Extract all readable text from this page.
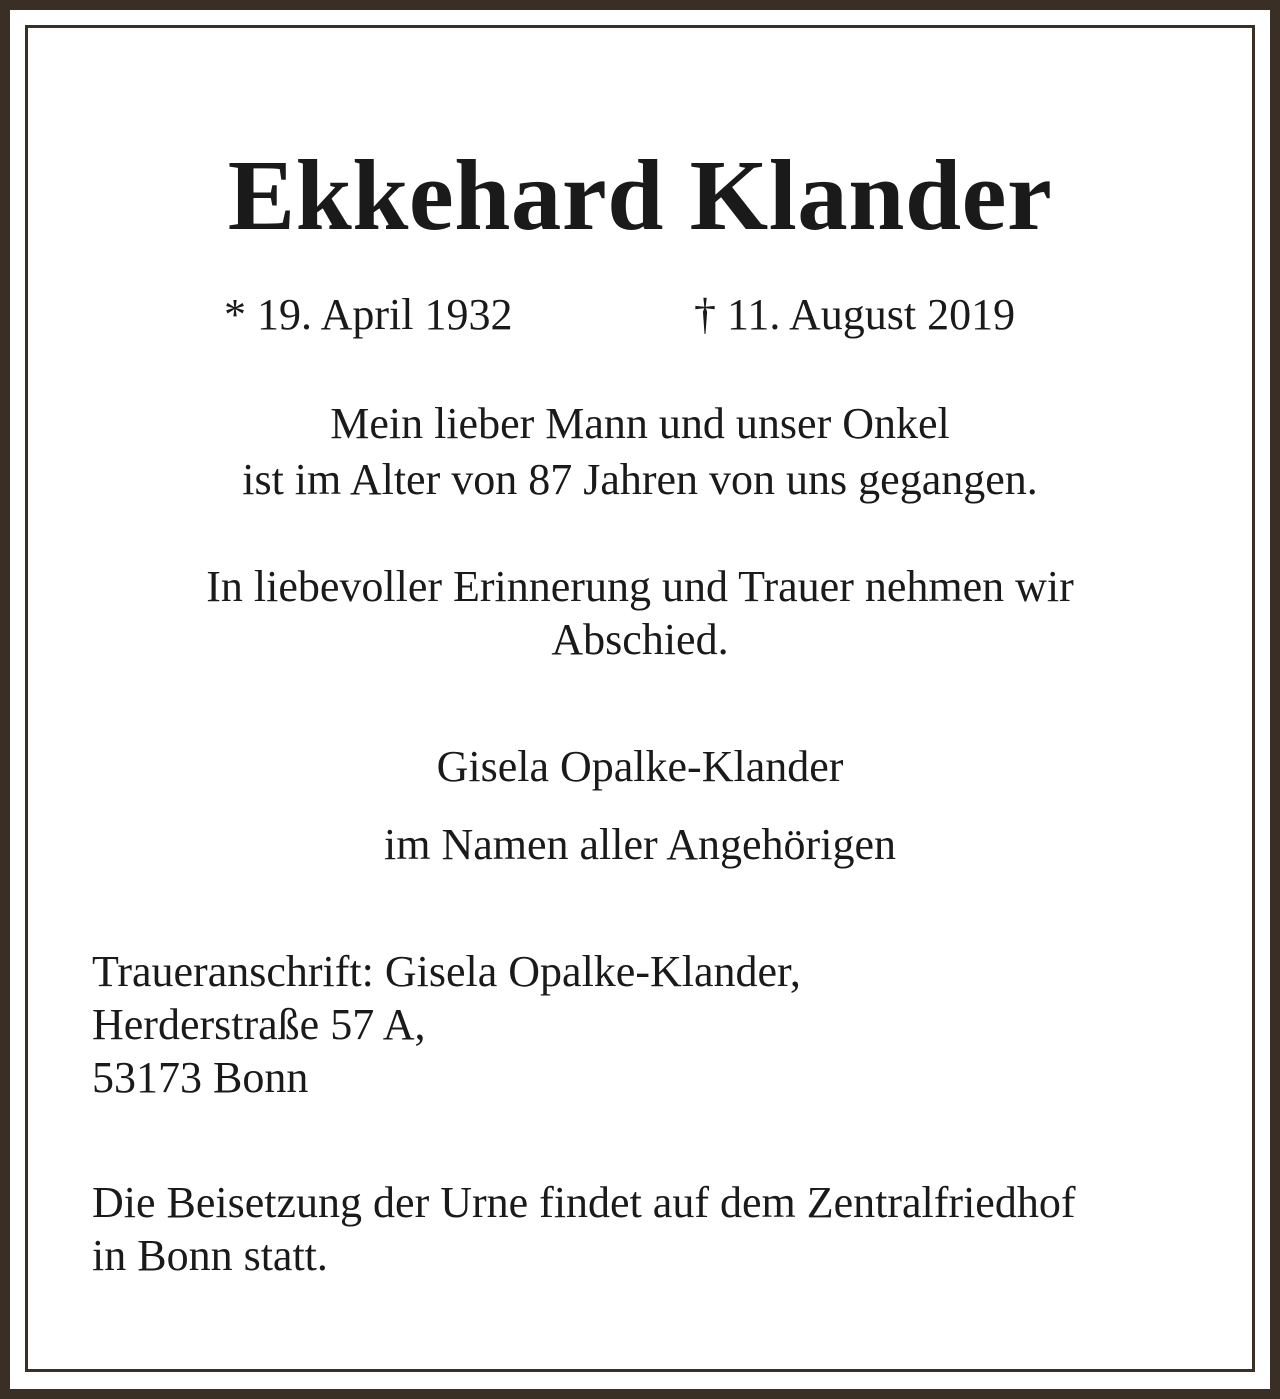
Ekkehard Klander

* 19. April 1932	† 11. August 2019

Mein lieber Mann und unser Onkel

ist im Alter von 87 Jahren von uns gegangen.

In liebevoller Erinnerung und Trauer nehmen wir

Abschied.

Gisela Opalke-Klander

im Namen aller Angehörigen

Traueranschrift: Gisela Opalke-Klander,

Herderstraße 57 A,

53173 Bonn

Die Beisetzung der Urne findet auf dem Zentralfriedhof

in Bonn statt.
